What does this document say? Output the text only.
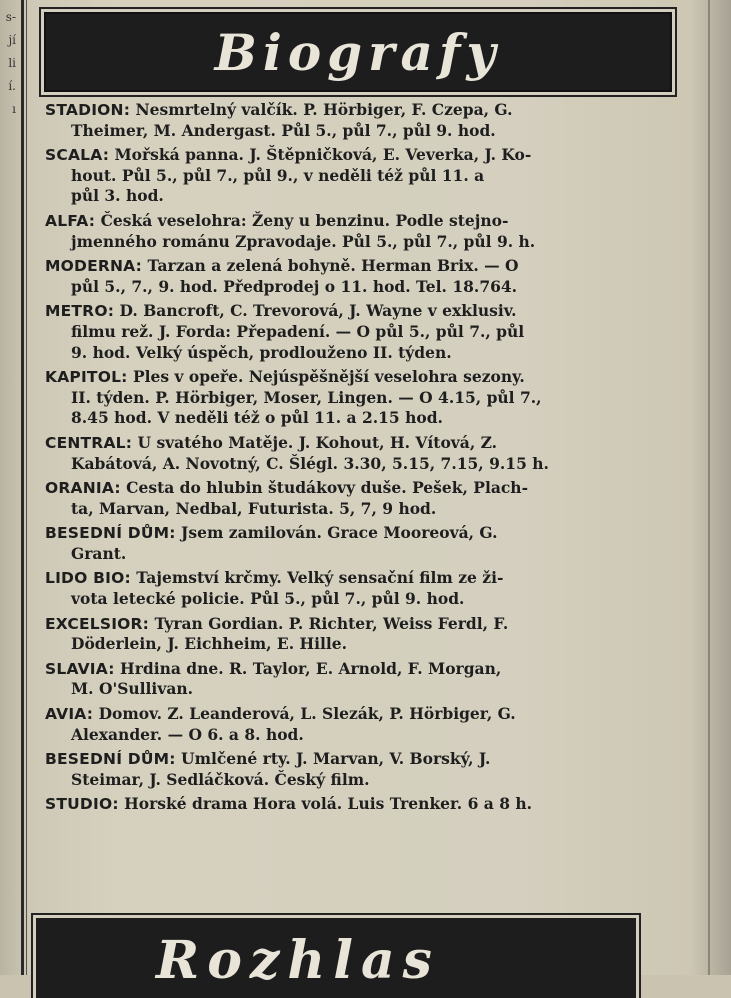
s-
jí
li
í.
ı
Biografy
STADION: Nesmrtelný valčík. P. Hörbiger, F. Czepa, G.
Theimer, M. Andergast. Půl 5., půl 7., půl 9. hod.
SCALA: Mořská panna. J. Štěpničková, E. Veverka, J. Ko-
hout. Půl 5., půl 7., půl 9., v neděli též půl 11. a
půl 3. hod.
ALFA: Česká veselohra: Ženy u benzinu. Podle stejno-
jmenného románu Zpravodaje. Půl 5., půl 7., půl 9. h.
MODERNA: Tarzan a zelená bohyně. Herman Brix. — O
půl 5., 7., 9. hod. Předprodej o 11. hod. Tel. 18.764.
METRO: D. Bancroft, C. Trevorová, J. Wayne v exklusiv.
filmu rež. J. Forda: Přepadení. — O půl 5., půl 7., půl
9. hod. Velký úspěch, prodlouženo II. týden.
KAPITOL: Ples v opeře. Nejúspěšnější veselohra sezony.
II. týden. P. Hörbiger, Moser, Lingen. — O 4.15, půl 7.,
8.45 hod. V neděli též o půl 11. a 2.15 hod.
CENTRAL: U svatého Matěje. J. Kohout, H. Vítová, Z.
Kabátová, A. Novotný, C. Šlégl. 3.30, 5.15, 7.15, 9.15 h.
ORANIA: Cesta do hlubin študákovy duše. Pešek, Plach-
ta, Marvan, Nedbal, Futurista. 5, 7, 9 hod.
BESEDNÍ DŮM: Jsem zamilován. Grace Mooreová, G.
Grant.
LIDO BIO: Tajemství krčmy. Velký sensační film ze ži-
vota letecké policie. Půl 5., půl 7., půl 9. hod.
EXCELSIOR: Tyran Gordian. P. Richter, Weiss Ferdl, F.
Döderlein, J. Eichheim, E. Hille.
SLAVIA: Hrdina dne. R. Taylor, E. Arnold, F. Morgan,
M. O'Sullivan.
AVIA: Domov. Z. Leanderová, L. Slezák, P. Hörbiger, G.
Alexander. — O 6. a 8. hod.
BESEDNÍ DŮM: Umlčené rty. J. Marvan, V. Borský, J.
Steimar, J. Sedláčková. Český film.
STUDIO: Horské drama Hora volá. Luis Trenker. 6 a 8 h.
Rozhlas
